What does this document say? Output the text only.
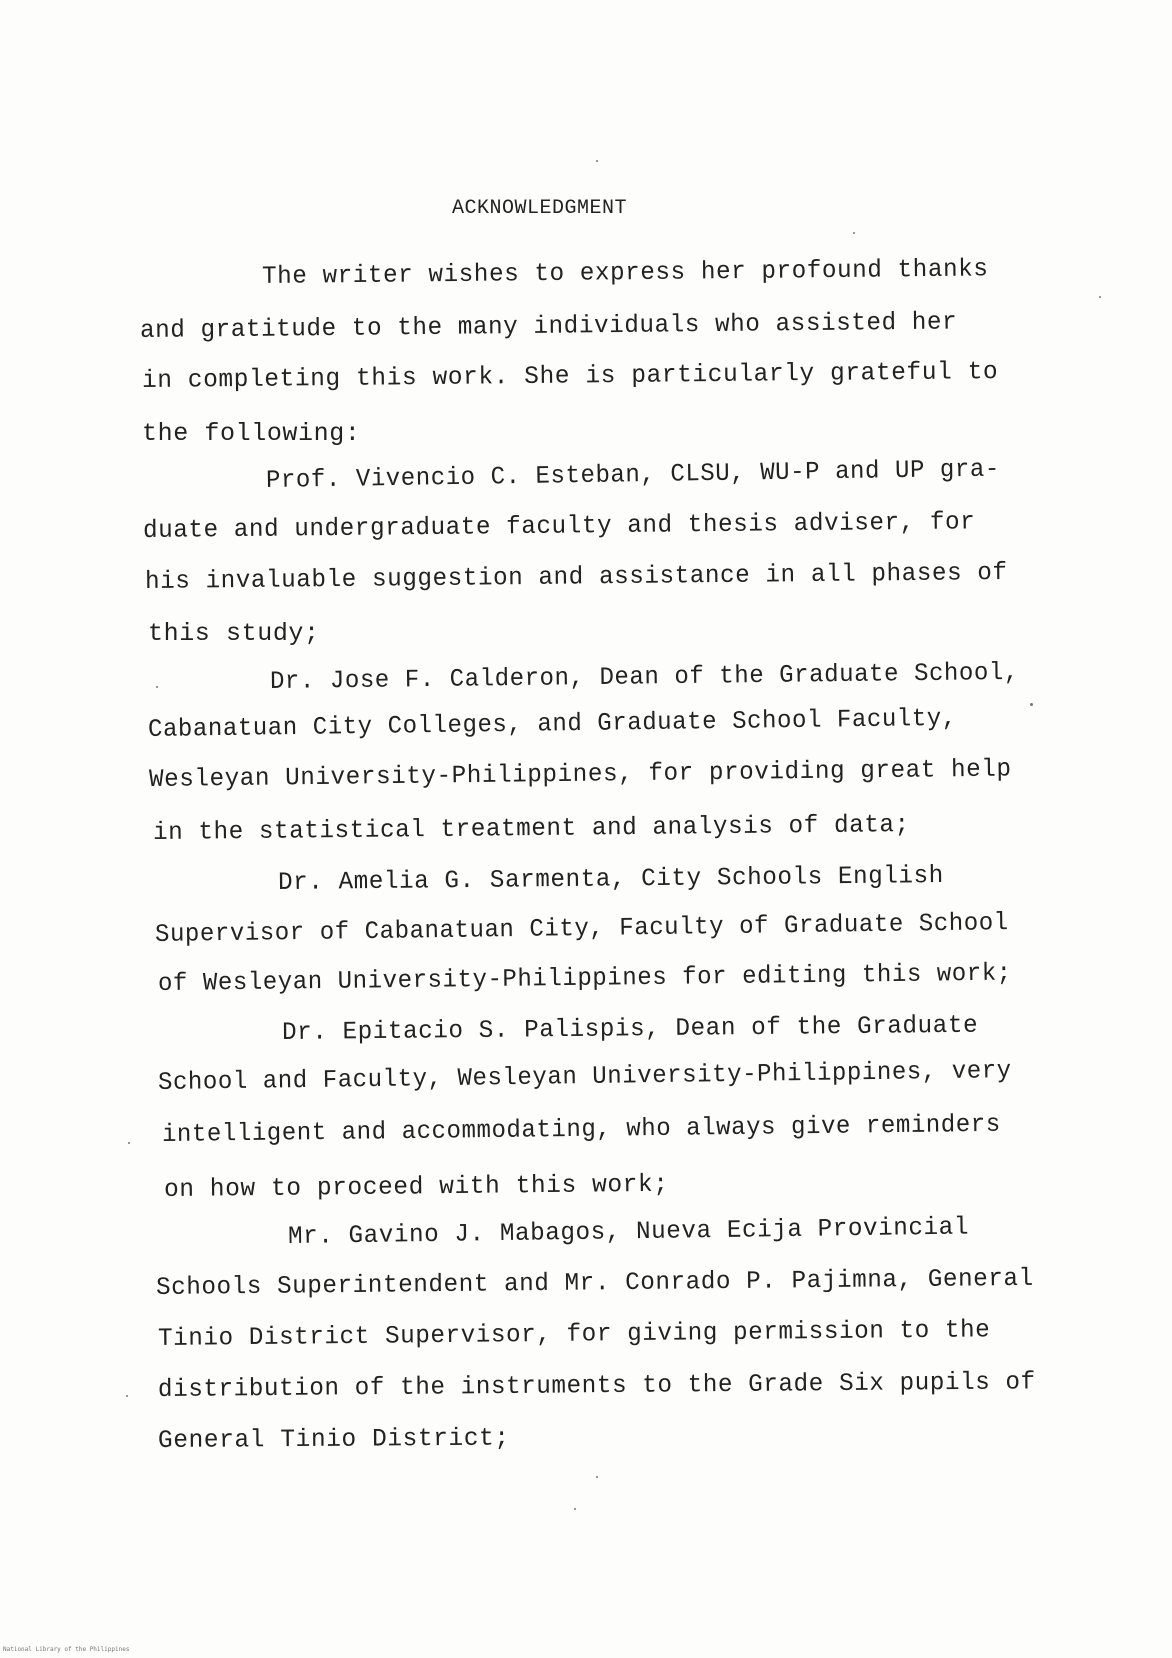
ACKNOWLEDGMENT
The writer wishes to express her profound thanks
and gratitude to the many individuals who assisted her
in completing this work. She is particularly grateful to
the following:
Prof. Vivencio C. Esteban, CLSU, WU-P and UP gra-
duate and undergraduate faculty and thesis adviser, for
his invaluable suggestion and assistance in all phases of
this study;
Dr. Jose F. Calderon, Dean of the Graduate School,
Cabanatuan City Colleges, and Graduate School Faculty,
Wesleyan University-Philippines, for providing great help
in the statistical treatment and analysis of data;
Dr. Amelia G. Sarmenta, City Schools English
Supervisor of Cabanatuan City, Faculty of Graduate School
of Wesleyan University-Philippines for editing this work;
Dr. Epitacio S. Palispis, Dean of the Graduate
School and Faculty, Wesleyan University-Philippines, very
intelligent and accommodating, who always give reminders
on how to proceed with this work;
Mr. Gavino J. Mabagos, Nueva Ecija Provincial
Schools Superintendent and Mr. Conrado P. Pajimna, General
Tinio District Supervisor, for giving permission to the
distribution of the instruments to the Grade Six pupils of
General Tinio District;
National Library of the Philippines
